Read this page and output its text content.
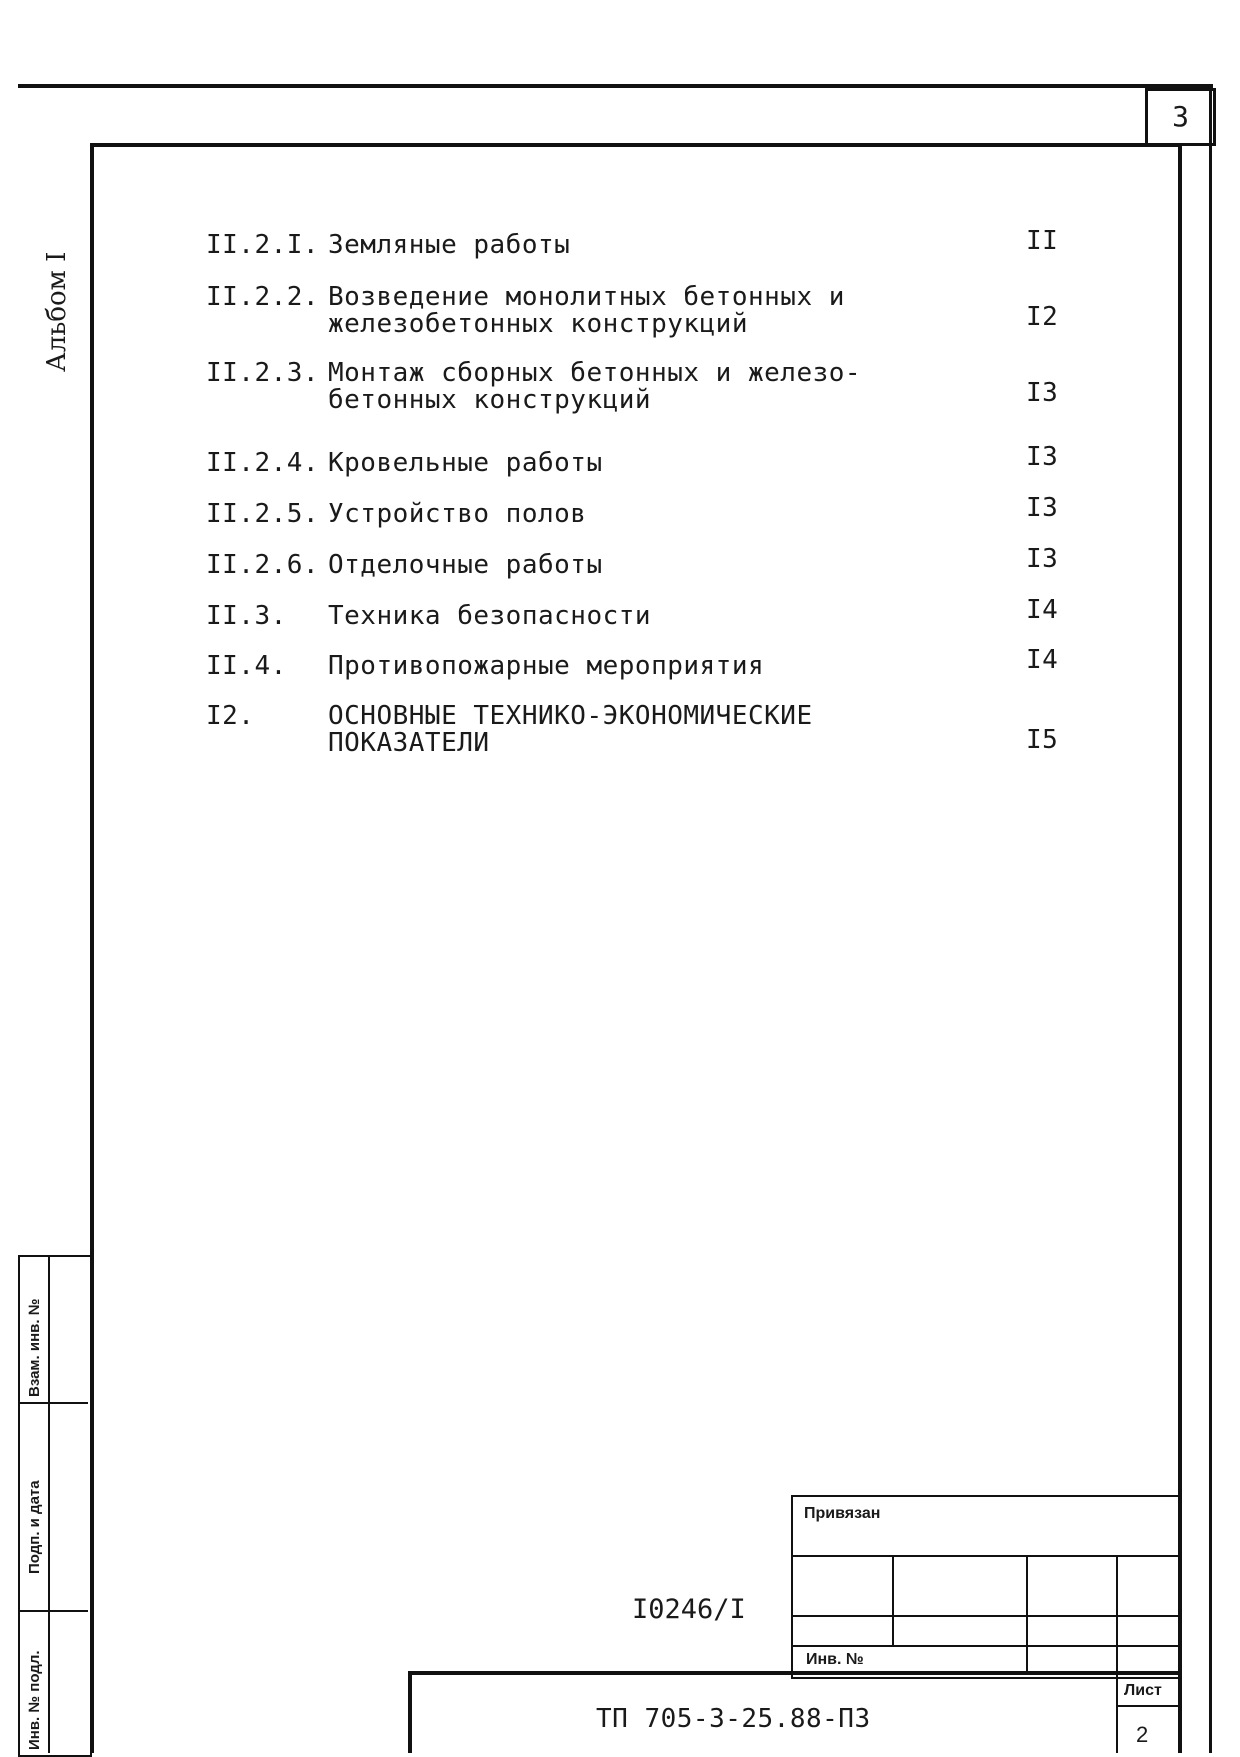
3
Альбом I
II.2.I. Земляные работы	II
II.2.2. Возведение монолитных бетонных и
железобетонных конструкций	I2
II.2.3. Монтаж сборных бетонных и железо-
бетонных конструкций	I3
II.2.4. Кровельные работы	I3
II.2.5. Устройство полов	I3
II.2.6. Отделочные работы	I3
II.3. Техника безопасности	I4
II.4. Противопожарные мероприятия	I4
I2.	ОСНОВНЫЕ ТЕХНИКО-ЭКОНОМИЧЕСКИЕ
ПОКАЗАТЕЛИ	I5
Взам. инв. №
Подп. и дата
Инв. № подл.
Привязан
Инв. №
I0246/I
Лист
2
ТП 705-3-25.88-ПЗ
